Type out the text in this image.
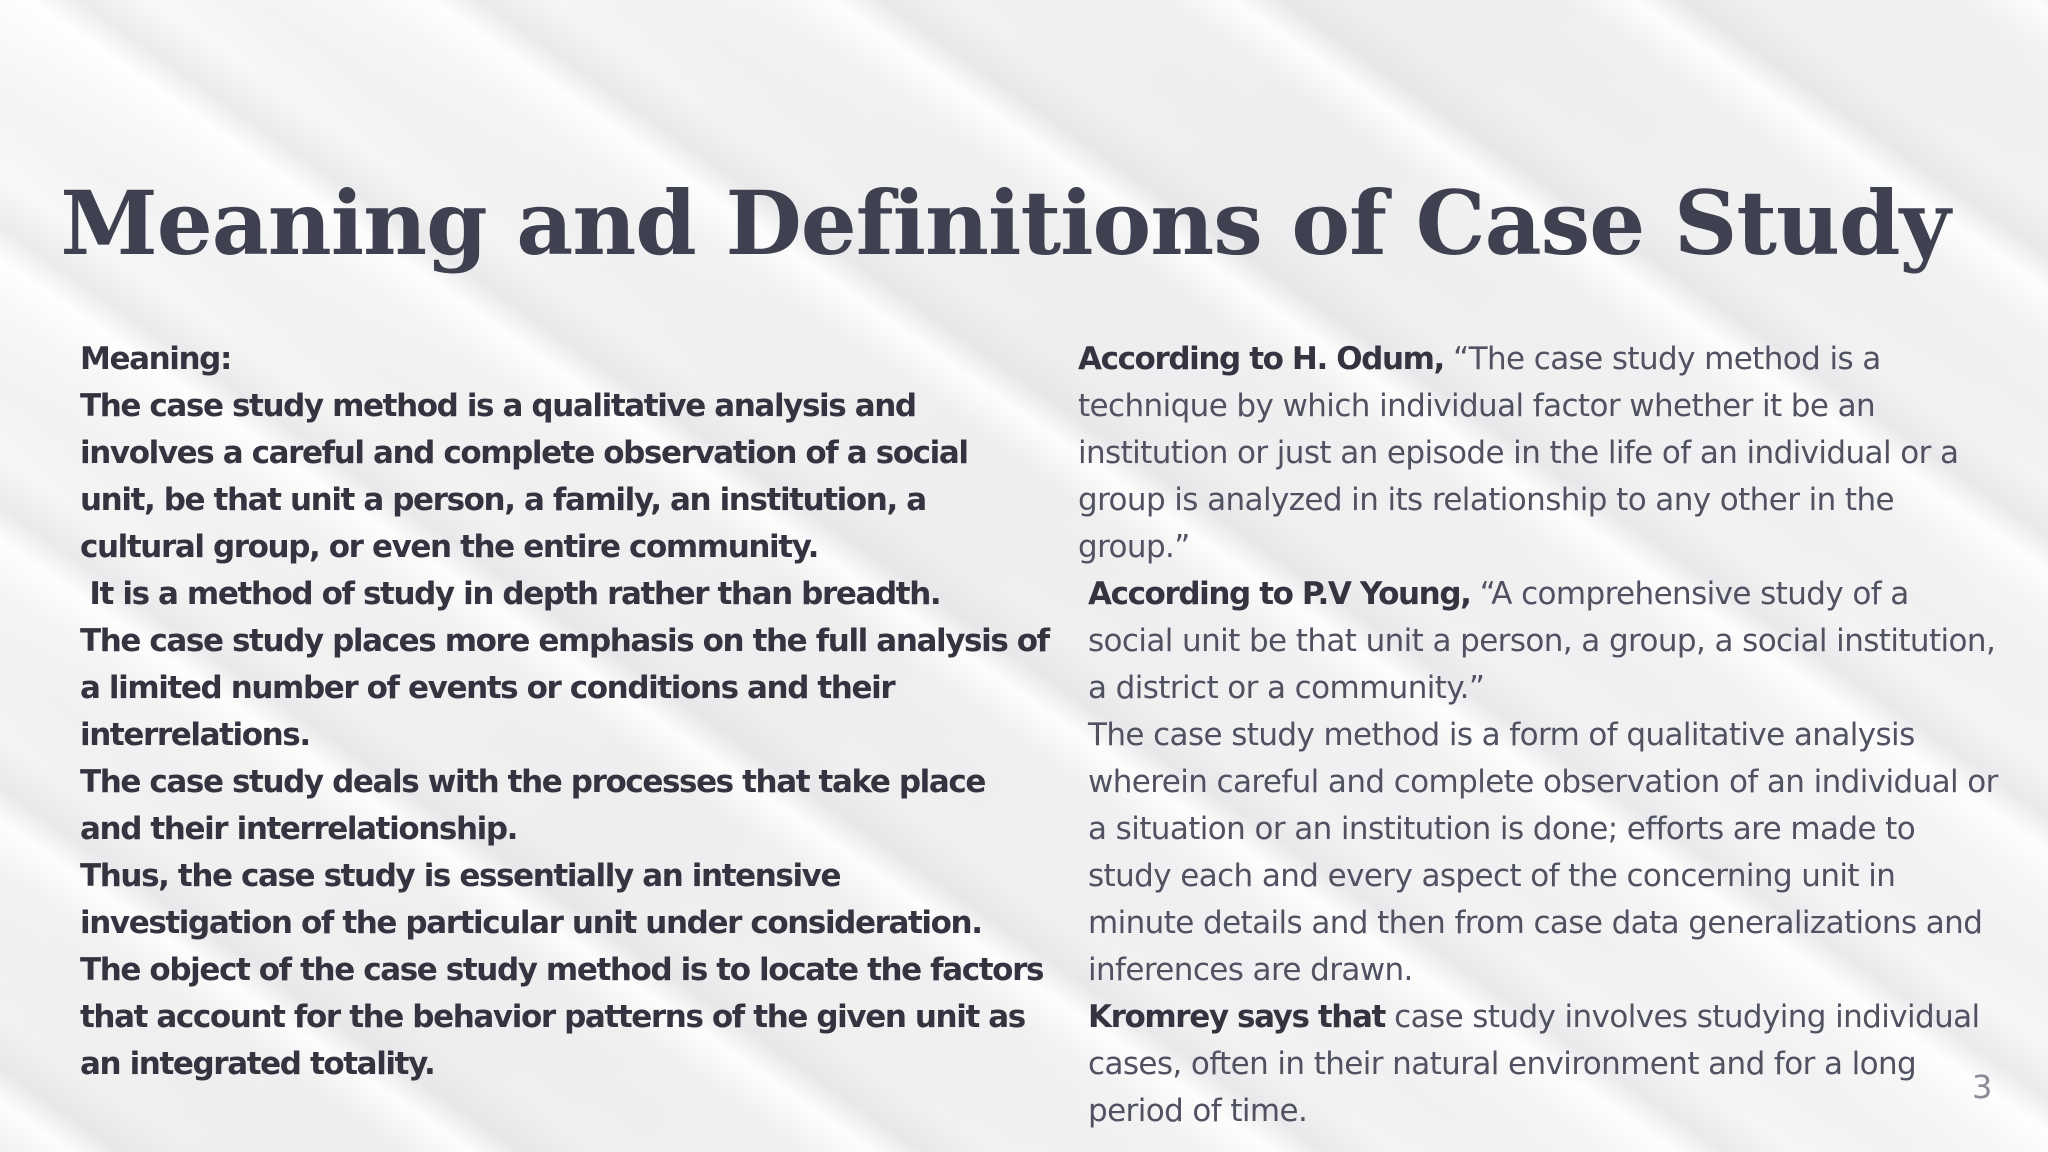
Meaning and Definitions of Case Study

Meaning:

The case study method is a qualitative analysis and involves a careful and complete observation of a social unit, be that unit a person, a family, an institution, a cultural group, or even the entire community.

It is a method of study in depth rather than breadth.

The case study places more emphasis on the full analysis of a limited number of events or conditions and their interrelations.

The case study deals with the processes that take place and their interrelationship.

Thus, the case study is essentially an intensive investigation of the particular unit under consideration. The object of the case study method is to locate the factors that account for the behavior patterns of the given unit as an integrated totality.

According to H. Odum, “The case study method is a technique by which individual factor whether it be an institution or just an episode in the life of an individual or a group is analyzed in its relationship to any other in the group.”

According to P.V Young, “A comprehensive study of a social unit be that unit a person, a group, a social institution, a district or a community.”

The case study method is a form of qualitative analysis wherein careful and complete observation of an individual or a situation or an institution is done; efforts are made to study each and every aspect of the concerning unit in minute details and then from case data generalizations and inferences are drawn.

Kromrey says that case study involves studying individual cases, often in their natural environment and for a long period of time.

3
